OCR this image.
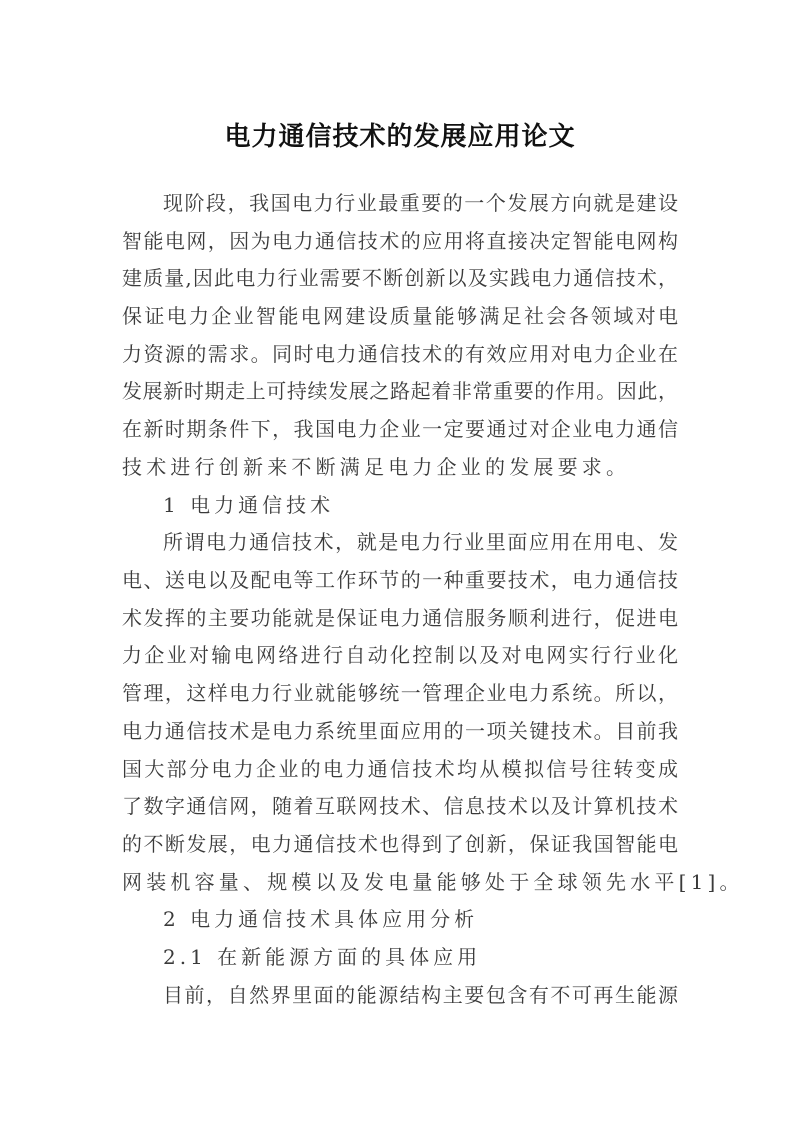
电力通信技术的发展应用论文
现阶段，我国电力行业最重要的一个发展方向就是建设
智能电网，因为电力通信技术的应用将直接决定智能电网构
建质量,因此电力行业需要不断创新以及实践电力通信技术，
保证电力企业智能电网建设质量能够满足社会各领域对电
力资源的需求。同时电力通信技术的有效应用对电力企业在
发展新时期走上可持续发展之路起着非常重要的作用。因此，
在新时期条件下，我国电力企业一定要通过对企业电力通信
技术进行创新来不断满足电力企业的发展要求。
1 电力通信技术
所谓电力通信技术，就是电力行业里面应用在用电、发
电、送电以及配电等工作环节的一种重要技术，电力通信技
术发挥的主要功能就是保证电力通信服务顺利进行，促进电
力企业对输电网络进行自动化控制以及对电网实行行业化
管理，这样电力行业就能够统一管理企业电力系统。所以，
电力通信技术是电力系统里面应用的一项关键技术。目前我
国大部分电力企业的电力通信技术均从模拟信号往转变成
了数字通信网，随着互联网技术、信息技术以及计算机技术
的不断发展，电力通信技术也得到了创新，保证我国智能电
网装机容量、规模以及发电量能够处于全球领先水平[1]。
2 电力通信技术具体应用分析
2.1 在新能源方面的具体应用
目前，自然界里面的能源结构主要包含有不可再生能源
